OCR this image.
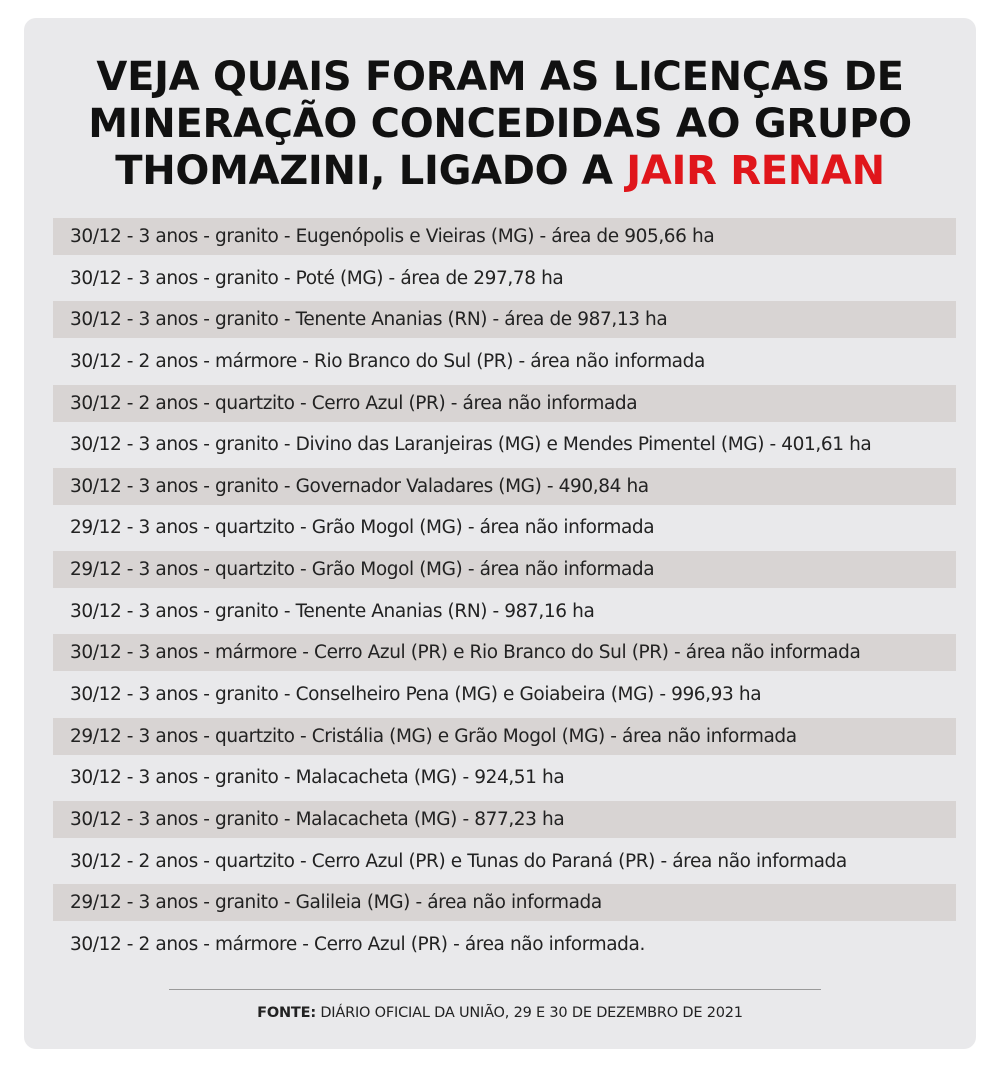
VEJA QUAIS FORAM AS LICENÇAS DE
MINERAÇÃO CONCEDIDAS AO GRUPO
THOMAZINI, LIGADO A JAIR RENAN
30/12 - 3 anos - granito - Eugenópolis e Vieiras (MG) - área de 905,66 ha
30/12 - 3 anos - granito - Poté (MG) - área de 297,78 ha
30/12 - 3 anos - granito - Tenente Ananias (RN) - área de 987,13 ha
30/12 - 2 anos - mármore - Rio Branco do Sul (PR) - área não informada
30/12 - 2 anos - quartzito - Cerro Azul (PR) - área não informada
30/12 - 3 anos - granito - Divino das Laranjeiras (MG) e Mendes Pimentel (MG) - 401,61 ha
30/12 - 3 anos - granito - Governador Valadares (MG) - 490,84 ha
29/12 - 3 anos - quartzito - Grão Mogol (MG) - área não informada
29/12 - 3 anos - quartzito - Grão Mogol (MG) - área não informada
30/12 - 3 anos - granito - Tenente Ananias (RN) - 987,16 ha
30/12 - 3 anos - mármore - Cerro Azul (PR) e Rio Branco do Sul (PR) - área não informada
30/12 - 3 anos - granito - Conselheiro Pena (MG) e Goiabeira (MG) - 996,93 ha
29/12 - 3 anos - quartzito - Cristália (MG) e Grão Mogol (MG) - área não informada
30/12 - 3 anos - granito - Malacacheta (MG) - 924,51 ha
30/12 - 3 anos - granito - Malacacheta (MG) - 877,23 ha
30/12 - 2 anos - quartzito - Cerro Azul (PR) e Tunas do Paraná (PR) - área não informada
29/12 - 3 anos - granito - Galileia (MG) - área não informada
30/12 - 2 anos - mármore - Cerro Azul (PR) - área não informada.
FONTE: DIÁRIO OFICIAL DA UNIÃO, 29 E 30 DE DEZEMBRO DE 2021
